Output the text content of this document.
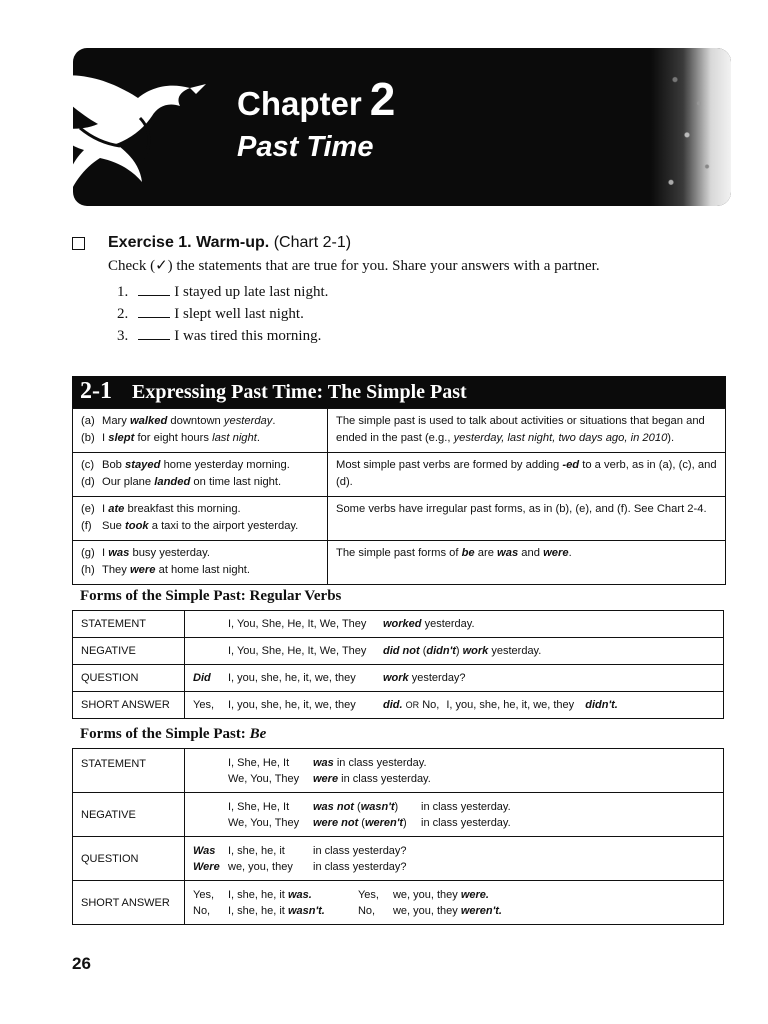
Chapter 2
Past Time
Exercise 1. Warm-up. (Chart 2-1)
Check (✓) the statements that are true for you. Share your answers with a partner.
1.	I stayed up late last night.
2.	I slept well last night.
3.	I was tired this morning.
2-1 Expressing Past Time: The Simple Past
(a) Mary walked downtown yesterday.
(b) I slept for eight hours last night.	The simple past is used to talk about activities or situations that began and ended in the past (e.g., yesterday, last night, two days ago, in 2010).

(c) Bob stayed home yesterday morning.
(d) Our plane landed on time last night.	Most simple past verbs are formed by adding -ed to a verb, as in (a), (c), and (d).

(e) I ate breakfast this morning.
(f) Sue took a taxi to the airport yesterday.	Some verbs have irregular past forms, as in (b), (e), and (f). See Chart 2-4.

(g) I was busy yesterday.
(h) They were at home last night.	The simple past forms of be are was and were.
Forms of the Simple Past: Regular Verbs
STATEMENT	I, You, She, He, It, We, They worked yesterday.
NEGATIVE	I, You, She, He, It, We, They did not (didn't) work yesterday.
QUESTION	Did I, you, she, he, it, we, they work yesterday?
SHORT ANSWER	Yes, I, you, she, he, it, we, they did. OR No, I, you, she, he, it, we, they didn't.
Forms of the Simple Past: Be
STATEMENT	I, She, He, It was in class yesterday.
We, You, They were in class yesterday.

NEGATIVE	I, She, He, It was not (wasn't) in class yesterday.
We, You, They were not (weren't) in class yesterday.

QUESTION	Was I, she, he, it in class yesterday?
Were we, you, they in class yesterday?

SHORT ANSWER	Yes, I, she, he, it was. Yes, we, you, they were.
No, I, she, he, it wasn't. No, we, you, they weren't.
26
